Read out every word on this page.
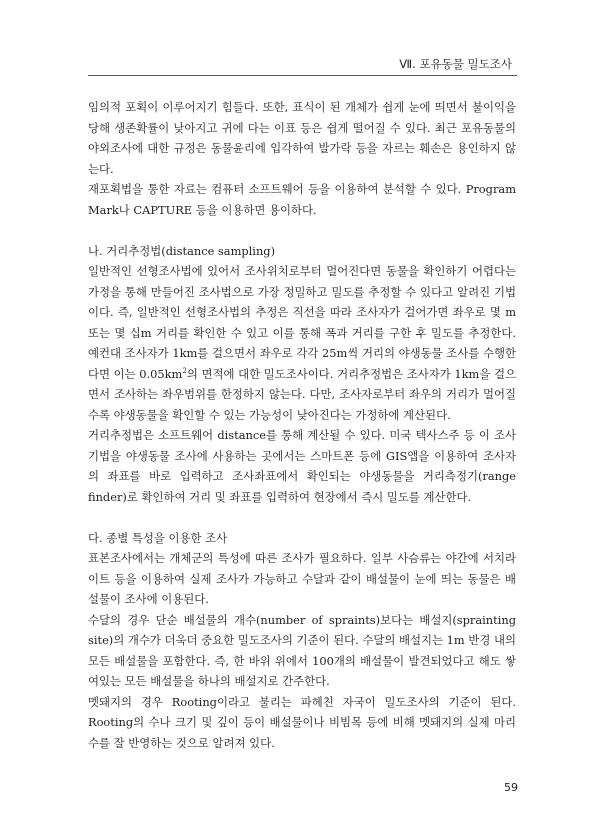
Ⅶ. 포유동물 밀도조사

임의적 포획이 이루어지기 힘들다. 또한, 표식이 된 개체가 쉽게 눈에 띄면서 불이익을 당해 생존확률이 낮아지고 귀에 다는 이표 등은 쉽게 떨어질 수 있다. 최근 포유동물의 야외조사에 대한 규정은 동물윤리에 입각하여 발가락 등을 자르는 훼손은 용인하지 않는다.

재포획법을 통한 자료는 컴퓨터 소프트웨어 등을 이용하여 분석할 수 있다. Program Mark나 CAPTURE 등을 이용하면 용이하다.

나. 거리추정법(distance sampling)

일반적인 선형조사법에 있어서 조사위치로부터 멀어진다면 동물을 확인하기 어렵다는 가정을 통해 만들어진 조사법으로 가장 정밀하고 밀도를 추정할 수 있다고 알려진 기법이다. 즉, 일반적인 선형조사법의 추정은 직선을 따라 조사자가 걸어가면 좌우로 몇 m 또는 몇 십m 거리를 확인한 수 있고 이를 통해 폭과 거리를 구한 후 밀도를 추정한다. 예컨대 조사자가 1km를 걸으면서 좌우로 각각 25m씩 거리의 야생동물 조사를 수행한다면 이는 $0.05km^2$의 면적에 대한 밀도조사이다. 거리추정법은 조사자가 1km을 걸으면서 조사하는 좌우범위를 한정하지 않는다. 다만, 조사자로부터 좌우의 거리가 멀어질수록 야생동물을 확인할 수 있는 가능성이 낮아진다는 가정하에 계산된다.

거리추정법은 소프트웨어 distance를 통해 계산될 수 있다. 미국 텍사스주 등 이 조사기법을 야생동물 조사에 사용하는 곳에서는 스마트폰 등에 GIS앱을 이용하여 조사자의 좌표를 바로 입력하고 조사좌표에서 확인되는 야생동물을 거리측정기(range finder)로 확인하여 거리 및 좌표를 입력하여 현장에서 즉시 밀도를 계산한다.

다. 종별 특성을 이용한 조사

표본조사에서는 개체군의 특성에 따른 조사가 필요하다. 일부 사슴류는 야간에 서치라이트 등을 이용하여 실제 조사가 가능하고 수달과 같이 배설물이 눈에 띄는 동물은 배설물이 조사에 이용된다.

수달의 경우 단순 배설물의 개수(number of spraints)보다는 배설지(sprainting site)의 개수가 더욱더 중요한 밀도조사의 기준이 된다. 수달의 배설지는 1m 반경 내의 모든 배설물을 포함한다. 즉, 한 바위 위에서 100개의 배설물이 발견되었다고 해도 쌓여있는 모든 배설물을 하나의 배설지로 간주한다.

멧돼지의 경우 Rooting이라고 불리는 파헤친 자국이 밀도조사의 기준이 된다. Rooting의 수나 크기 및 깊이 등이 배설물이나 비빔목 등에 비해 멧돼지의 실제 마리수를 잘 반영하는 것으로 알려져 있다.

59
